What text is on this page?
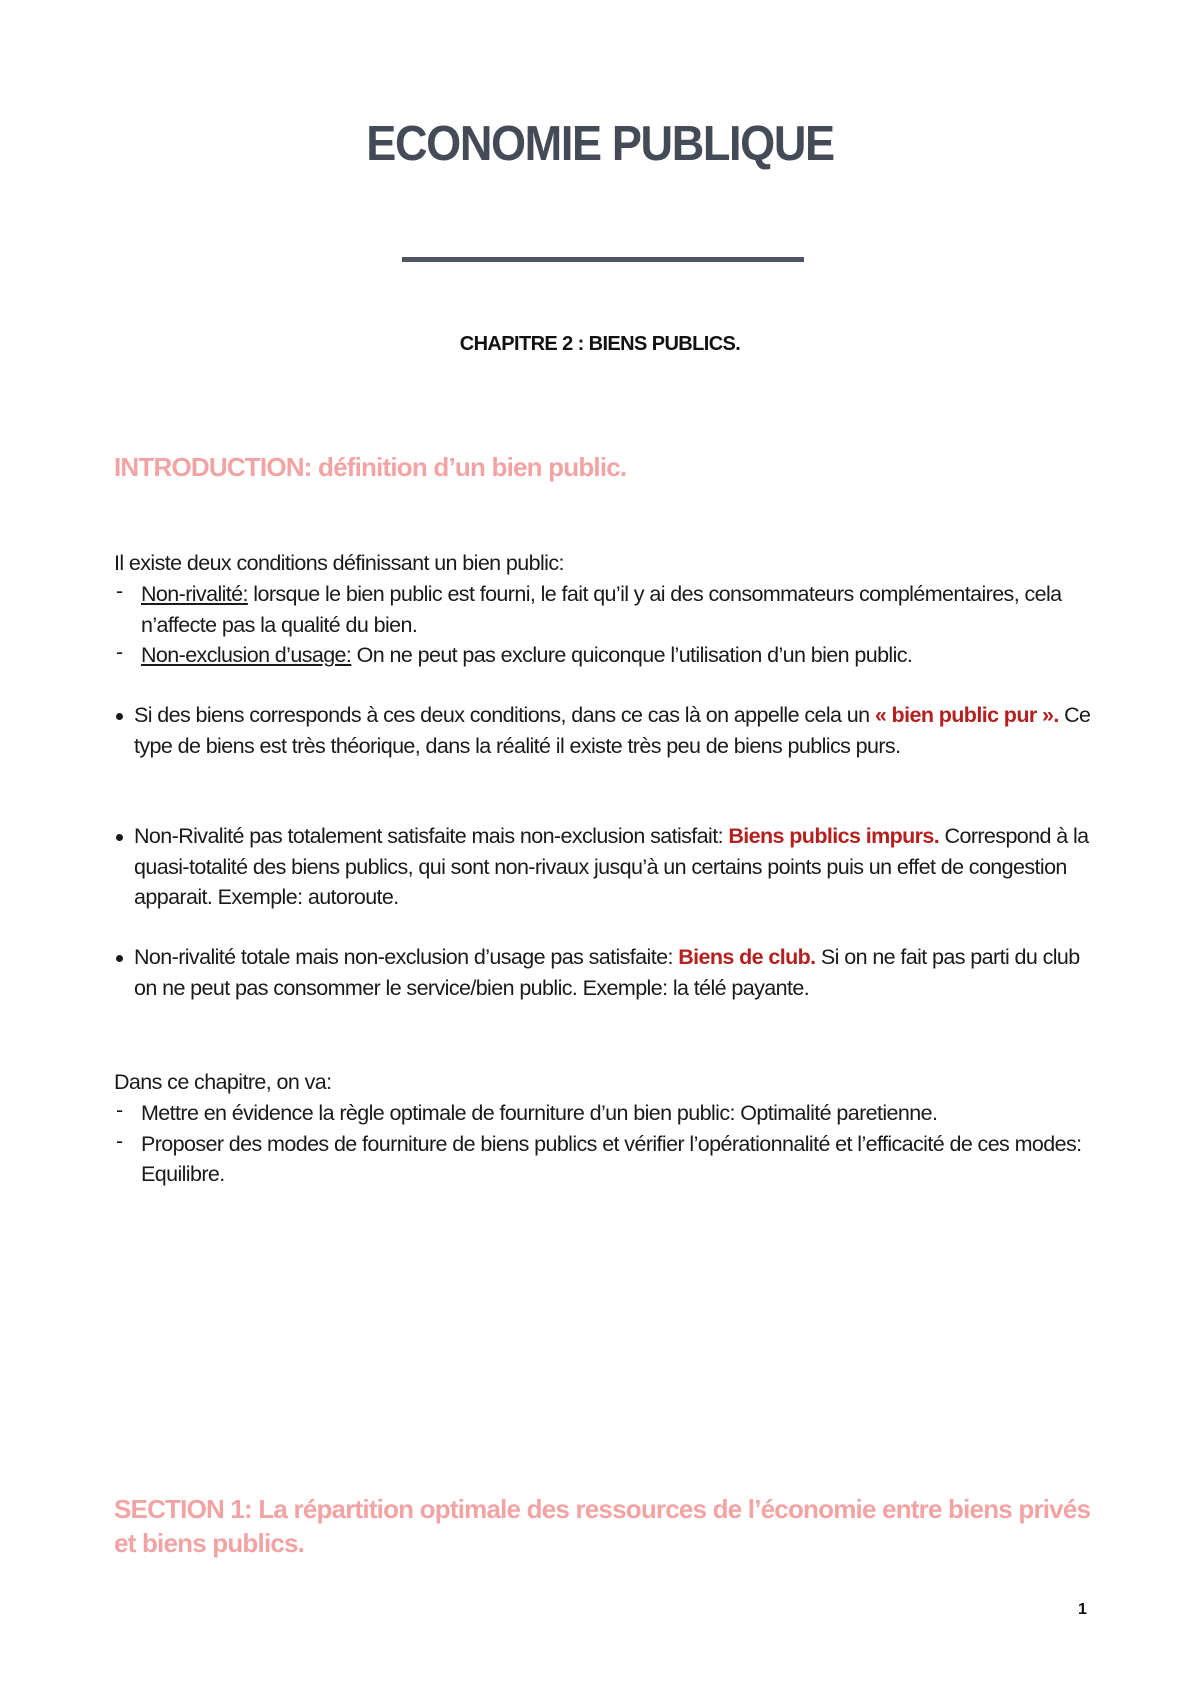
ECONOMIE PUBLIQUE
CHAPITRE 2 : BIENS PUBLICS.
INTRODUCTION: définition d’un bien public.
Il existe deux conditions définissant un bien public:
- Non-rivalité: lorsque le bien public est fourni, le fait qu’il y ai des consommateurs complémentaires, cela n’affecte pas la qualité du bien.
- Non-exclusion d’usage: On ne peut pas exclure quiconque l’utilisation d’un bien public.
Si des biens corresponds à ces deux conditions, dans ce cas là on appelle cela un « bien public pur ». Ce type de biens est très théorique, dans la réalité il existe très peu de biens publics purs.
Non-Rivalité pas totalement satisfaite mais non-exclusion satisfait: Biens publics impurs. Correspond à la quasi-totalité des biens publics, qui sont non-rivaux jusqu’à un certains points puis un effet de congestion apparait. Exemple: autoroute.
Non-rivalité totale mais non-exclusion d’usage pas satisfaite: Biens de club. Si on ne fait pas parti du club on ne peut pas consommer le service/bien public. Exemple: la télé payante.
Dans ce chapitre, on va:
- Mettre en évidence la règle optimale de fourniture d’un bien public: Optimalité paretienne.
- Proposer des modes de fourniture de biens publics et vérifier l’opérationnalité et l’efficacité de ces modes: Equilibre.
SECTION 1: La répartition optimale des ressources de l’économie entre biens privés et biens publics.
1
